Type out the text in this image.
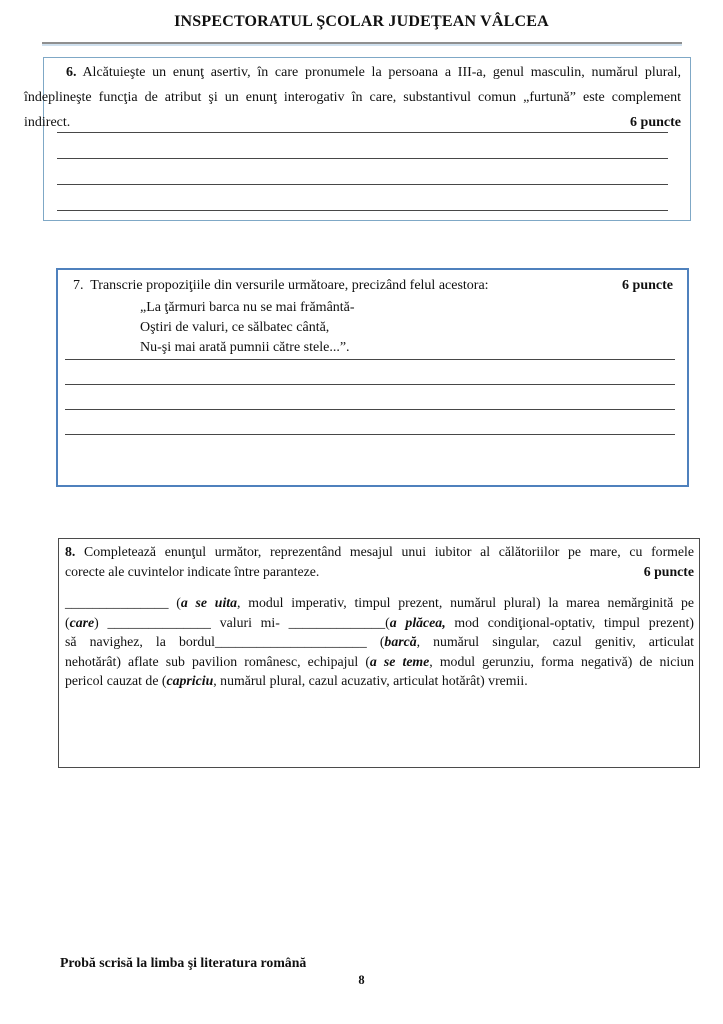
INSPECTORATUL ŞCOLAR JUDEŢEAN VÂLCEA
6. Alcătuieşte un enunţ asertiv, în care pronumele la persoana a III-a, genul masculin, numărul plural,
îndeplineşte funcţia de atribut şi un enunţ interogativ în care, substantivul comun „furtună” este complement
indirect.	6 puncte
7.  Transcrie propoziţiile din versurile următoare, precizând felul acestora:	6 puncte
„La ţărmuri barca nu se mai frământă-
Oştiri de valuri, ce sălbatec cântă,
Nu-şi mai arată pumnii către stele...”.
8. Completează enunţul următor, reprezentând mesajul unui iubitor al călătoriilor pe mare, cu formele
corecte ale cuvintelor indicate între paranteze.	6 puncte
_______________ (a se uita, modul imperativ, timpul prezent, numărul plural) la marea nemărginită pe
(care) _______________ valuri mi- ______________(a plăcea, mod condiţional-optativ, timpul prezent)
să navighez, la bordul______________________ (barcă, numărul singular, cazul genitiv, articulat
nehotărât) aflate sub pavilion românesc, echipajul (a se teme, modul gerunziu, forma negativă) de niciun
pericol cauzat de (capriciu, numărul plural, cazul acuzativ, articulat hotărât) vremii.
Probă scrisă la limba şi literatura română
8
